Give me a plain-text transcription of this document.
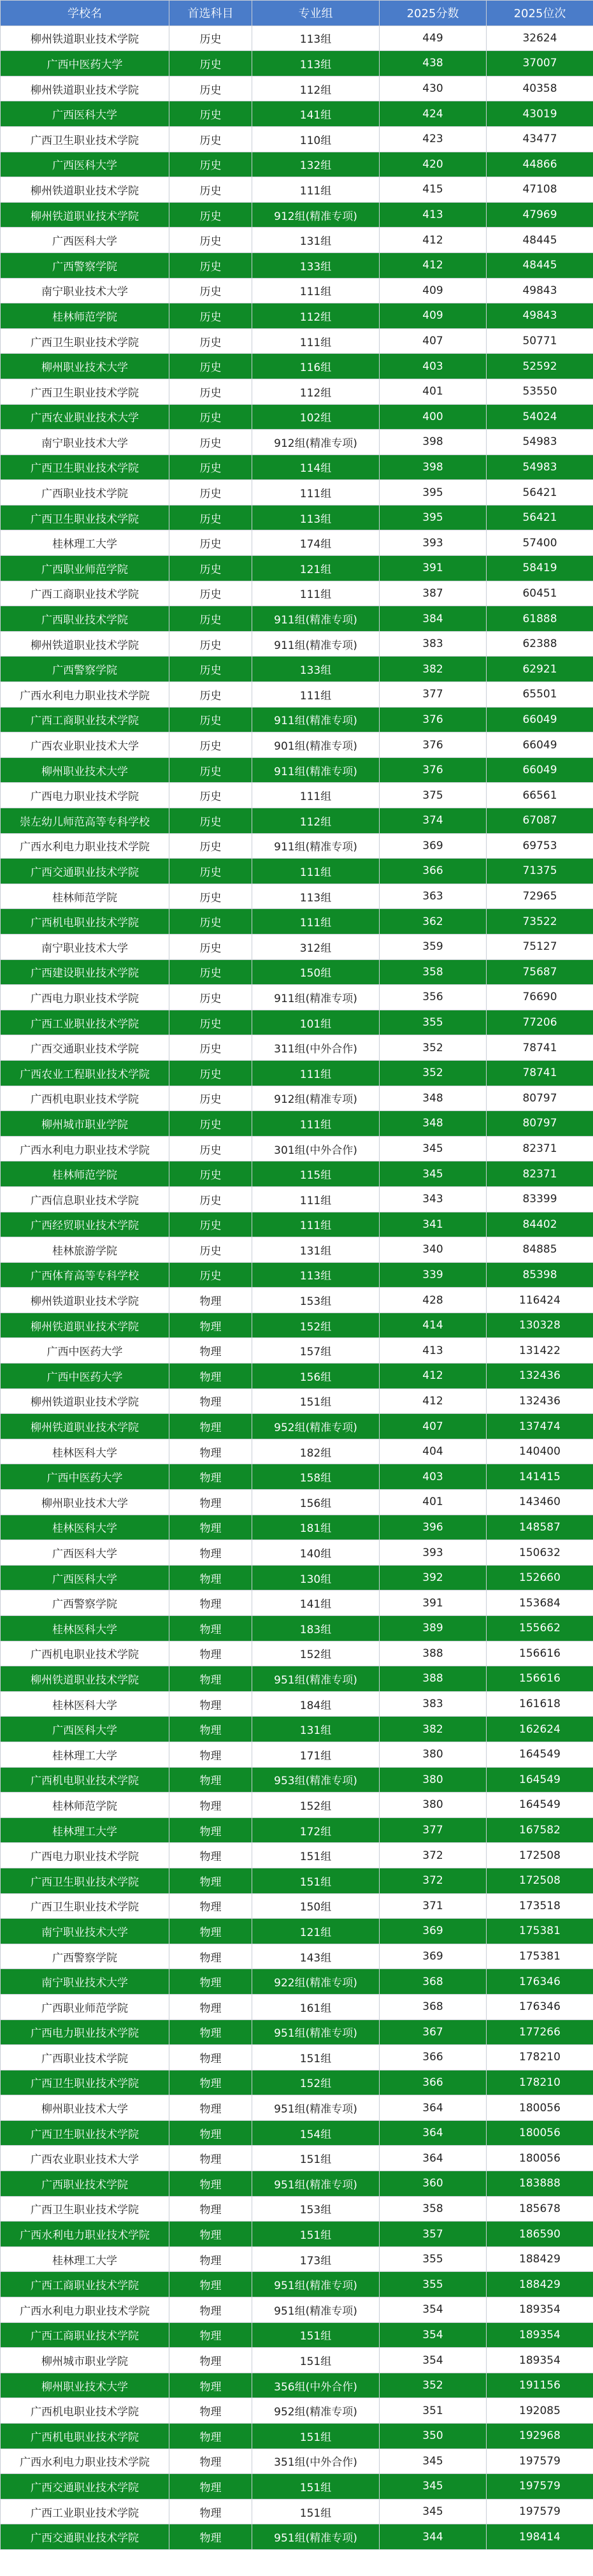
学校名	首选科目	专业组	2025分数	2025位次
柳州铁道职业技术学院	历史	113组	449	32624
广西中医药大学	历史	113组	438	37007
柳州铁道职业技术学院	历史	112组	430	40358
广西医科大学	历史	141组	424	43019
广西卫生职业技术学院	历史	110组	423	43477
广西医科大学	历史	132组	420	44866
柳州铁道职业技术学院	历史	111组	415	47108
柳州铁道职业技术学院	历史	912组(精准专项)	413	47969
广西医科大学	历史	131组	412	48445
广西警察学院	历史	133组	412	48445
南宁职业技术大学	历史	111组	409	49843
桂林师范学院	历史	112组	409	49843
广西卫生职业技术学院	历史	111组	407	50771
柳州职业技术大学	历史	116组	403	52592
广西卫生职业技术学院	历史	112组	401	53550
广西农业职业技术大学	历史	102组	400	54024
南宁职业技术大学	历史	912组(精准专项)	398	54983
广西卫生职业技术学院	历史	114组	398	54983
广西职业技术学院	历史	111组	395	56421
广西卫生职业技术学院	历史	113组	395	56421
桂林理工大学	历史	174组	393	57400
广西职业师范学院	历史	121组	391	58419
广西工商职业技术学院	历史	111组	387	60451
广西职业技术学院	历史	911组(精准专项)	384	61888
柳州铁道职业技术学院	历史	911组(精准专项)	383	62388
广西警察学院	历史	133组	382	62921
广西水利电力职业技术学院	历史	111组	377	65501
广西工商职业技术学院	历史	911组(精准专项)	376	66049
广西农业职业技术大学	历史	901组(精准专项)	376	66049
柳州职业技术大学	历史	911组(精准专项)	376	66049
广西电力职业技术学院	历史	111组	375	66561
崇左幼儿师范高等专科学校	历史	112组	374	67087
广西水利电力职业技术学院	历史	911组(精准专项)	369	69753
广西交通职业技术学院	历史	111组	366	71375
桂林师范学院	历史	113组	363	72965
广西机电职业技术学院	历史	111组	362	73522
南宁职业技术大学	历史	312组	359	75127
广西建设职业技术学院	历史	150组	358	75687
广西电力职业技术学院	历史	911组(精准专项)	356	76690
广西工业职业技术学院	历史	101组	355	77206
广西交通职业技术学院	历史	311组(中外合作)	352	78741
广西农业工程职业技术学院	历史	111组	352	78741
广西机电职业技术学院	历史	912组(精准专项)	348	80797
柳州城市职业学院	历史	111组	348	80797
广西水利电力职业技术学院	历史	301组(中外合作)	345	82371
桂林师范学院	历史	115组	345	82371
广西信息职业技术学院	历史	111组	343	83399
广西经贸职业技术学院	历史	111组	341	84402
桂林旅游学院	历史	131组	340	84885
广西体育高等专科学校	历史	113组	339	85398
柳州铁道职业技术学院	物理	153组	428	116424
柳州铁道职业技术学院	物理	152组	414	130328
广西中医药大学	物理	157组	413	131422
广西中医药大学	物理	156组	412	132436
柳州铁道职业技术学院	物理	151组	412	132436
柳州铁道职业技术学院	物理	952组(精准专项)	407	137474
桂林医科大学	物理	182组	404	140400
广西中医药大学	物理	158组	403	141415
柳州职业技术大学	物理	156组	401	143460
桂林医科大学	物理	181组	396	148587
广西医科大学	物理	140组	393	150632
广西医科大学	物理	130组	392	152660
广西警察学院	物理	141组	391	153684
桂林医科大学	物理	183组	389	155662
广西机电职业技术学院	物理	152组	388	156616
柳州铁道职业技术学院	物理	951组(精准专项)	388	156616
桂林医科大学	物理	184组	383	161618
广西医科大学	物理	131组	382	162624
桂林理工大学	物理	171组	380	164549
广西机电职业技术学院	物理	953组(精准专项)	380	164549
桂林师范学院	物理	152组	380	164549
桂林理工大学	物理	172组	377	167582
广西电力职业技术学院	物理	151组	372	172508
广西卫生职业技术学院	物理	151组	372	172508
广西卫生职业技术学院	物理	150组	371	173518
南宁职业技术大学	物理	121组	369	175381
广西警察学院	物理	143组	369	175381
南宁职业技术大学	物理	922组(精准专项)	368	176346
广西职业师范学院	物理	161组	368	176346
广西电力职业技术学院	物理	951组(精准专项)	367	177266
广西职业技术学院	物理	151组	366	178210
广西卫生职业技术学院	物理	152组	366	178210
柳州职业技术大学	物理	951组(精准专项)	364	180056
广西卫生职业技术学院	物理	154组	364	180056
广西农业职业技术大学	物理	151组	364	180056
广西职业技术学院	物理	951组(精准专项)	360	183888
广西卫生职业技术学院	物理	153组	358	185678
广西水利电力职业技术学院	物理	151组	357	186590
桂林理工大学	物理	173组	355	188429
广西工商职业技术学院	物理	951组(精准专项)	355	188429
广西水利电力职业技术学院	物理	951组(精准专项)	354	189354
广西工商职业技术学院	物理	151组	354	189354
柳州城市职业学院	物理	151组	354	189354
柳州职业技术大学	物理	356组(中外合作)	352	191156
广西机电职业技术学院	物理	952组(精准专项)	351	192085
广西机电职业技术学院	物理	151组	350	192968
广西水利电力职业技术学院	物理	351组(中外合作)	345	197579
广西交通职业技术学院	物理	151组	345	197579
广西工业职业技术学院	物理	151组	345	197579
广西交通职业技术学院	物理	951组(精准专项)	344	198414
